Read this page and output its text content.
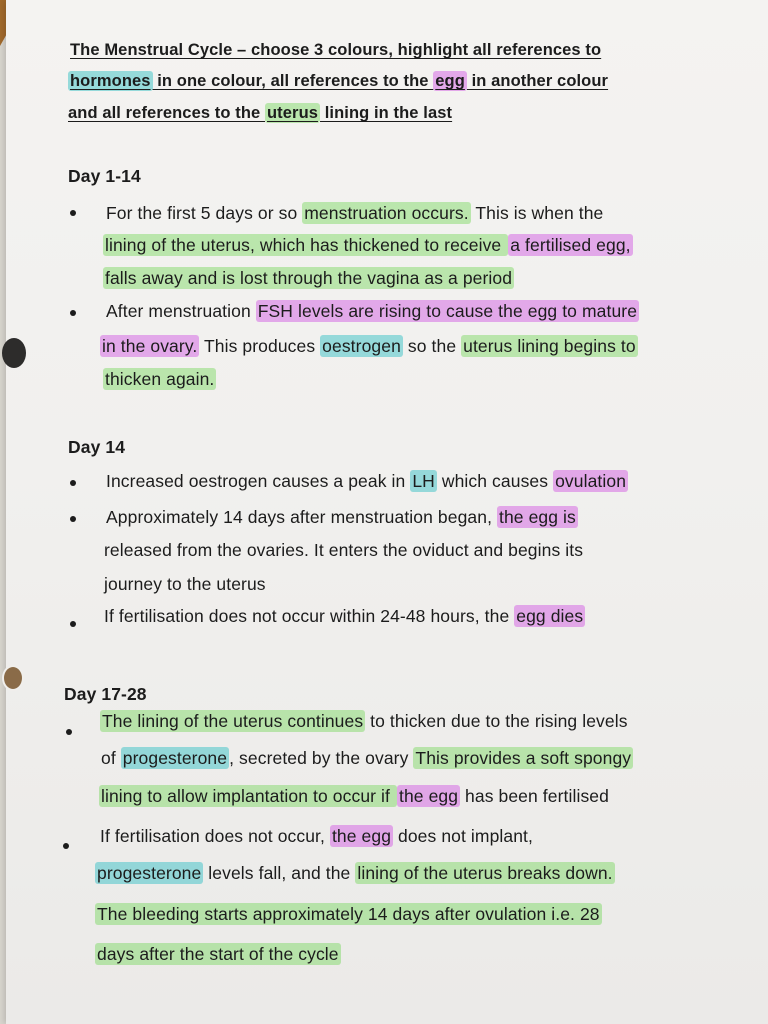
The Menstrual Cycle – choose 3 colours, highlight all references to
hormones in one colour, all references to the egg in another colour
and all references to the uterus lining in the last
Day 1-14
For the first 5 days or so menstruation occurs. This is when the
lining of the uterus, which has thickened to receive a fertilised egg,
falls away and is lost through the vagina as a period
After menstruation FSH levels are rising to cause the egg to mature
in the ovary. This produces oestrogen so the uterus lining begins to
thicken again.
Day 14
Increased oestrogen causes a peak in LH which causes ovulation
Approximately 14 days after menstruation began, the egg is
released from the ovaries. It enters the oviduct and begins its
journey to the uterus
If fertilisation does not occur within 24-48 hours, the egg dies
Day 17-28
The lining of the uterus continues to thicken due to the rising levels
of progesterone , secreted by the ovary This provides a soft spongy
lining to allow implantation to occur if the egg has been fertilised
If fertilisation does not occur, the egg does not implant,
progesterone levels fall, and the lining of the uterus breaks down.
The bleeding starts approximately 14 days after ovulation i.e. 28
days after the start of the cycle
